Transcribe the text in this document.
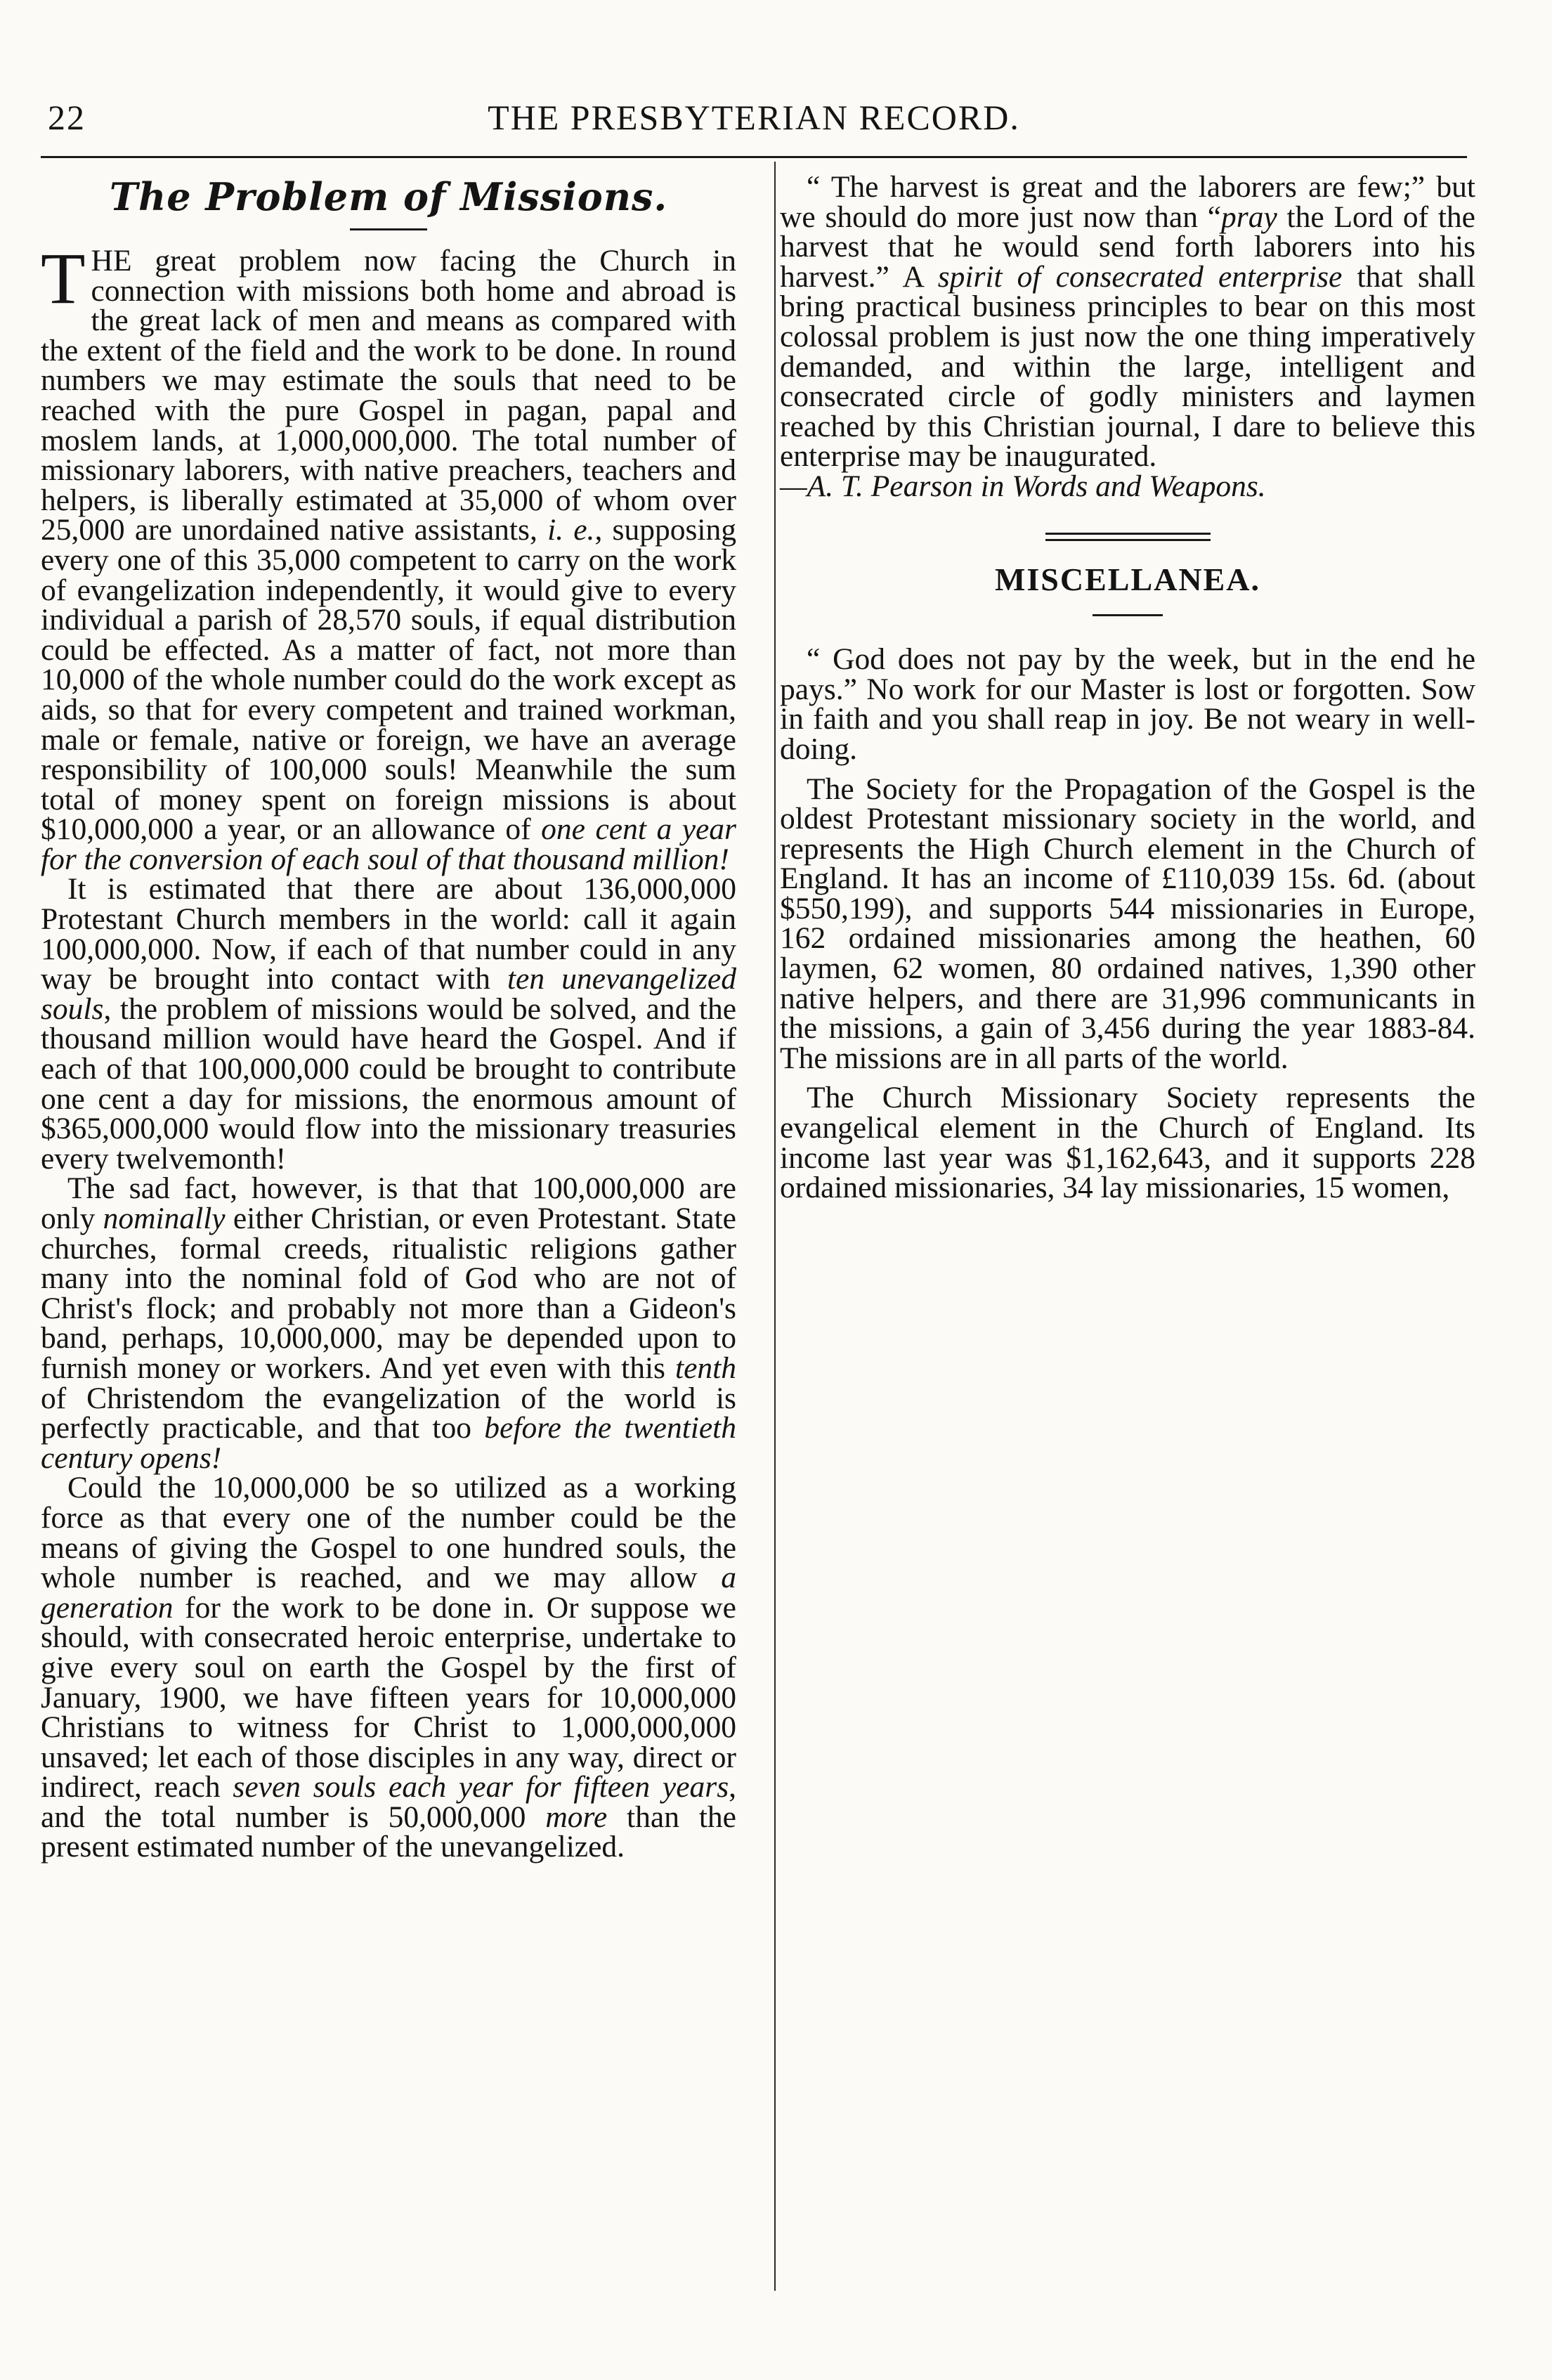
22	THE PRESBYTERIAN RECORD.
The Problem of Missions.

THE great problem now facing the Church in connection with missions both home and abroad is the great lack of men and means as compared with the extent of the field and the work to be done. In round numbers we may estimate the souls that need to be reached with the pure Gospel in pagan, papal and moslem lands, at 1,000,000,000. The total number of missionary laborers, with native preachers, teachers and helpers, is liberally estimated at 35,000 of whom over 25,000 are unordained native assistants, i. e., supposing every one of this 35,000 competent to carry on the work of evangelization independently, it would give to every individual a parish of 28,570 souls, if equal distribution could be effected. As a matter of fact, not more than 10,000 of the whole number could do the work except as aids, so that for every competent and trained workman, male or female, native or foreign, we have an average responsibility of 100,000 souls! Meanwhile the sum total of money spent on foreign missions is about $10,000,000 a year, or an allowance of one cent a year for the conversion of each soul of that thousand million!

It is estimated that there are about 136,000,000 Protestant Church members in the world: call it again 100,000,000. Now, if each of that number could in any way be brought into contact with ten unevangelized souls, the problem of missions would be solved, and the thousand million would have heard the Gospel. And if each of that 100,000,000 could be brought to contribute one cent a day for missions, the enormous amount of $365,000,000 would flow into the missionary treasuries every twelvemonth!

The sad fact, however, is that that 100,000,000 are only nominally either Christian, or even Protestant. State churches, formal creeds, ritualistic religions gather many into the nominal fold of God who are not of Christ's flock; and probably not more than a Gideon's band, perhaps, 10,000,000, may be depended upon to furnish money or workers. And yet even with this tenth of Christendom the evangelization of the world is perfectly practicable, and that too before the twentieth century opens!

Could the 10,000,000 be so utilized as a working force as that every one of the number could be the means of giving the Gospel to one hundred souls, the whole number is reached, and we may allow a generation for the work to be done in. Or suppose we should, with consecrated heroic enterprise, undertake to give every soul on earth the Gospel by the first of January, 1900, we have fifteen years for 10,000,000 Christians to witness for Christ to 1,000,000,000 unsaved; let each of those disciples in any way, direct or indirect, reach seven souls each year for fifteen years, and the total number is 50,000,000 more than the present estimated number of the unevangelized.

“ The harvest is great and the laborers are few;” but we should do more just now than “pray the Lord of the harvest that he would send forth laborers into his harvest.” A spirit of consecrated enterprise that shall bring practical business principles to bear on this most colossal problem is just now the one thing imperatively demanded, and within the large, intelligent and consecrated circle of godly ministers and laymen reached by this Christian journal, I dare to believe this enterprise may be inaugurated.

—A. T. Pearson in Words and Weapons.

MISCELLANEA.

“ God does not pay by the week, but in the end he pays.” No work for our Master is lost or forgotten. Sow in faith and you shall reap in joy. Be not weary in well-doing.

The Society for the Propagation of the Gospel is the oldest Protestant missionary society in the world, and represents the High Church element in the Church of England. It has an income of £110,039 15s. 6d. (about $550,199), and supports 544 missionaries in Europe, 162 ordained missionaries among the heathen, 60 laymen, 62 women, 80 ordained natives, 1,390 other native helpers, and there are 31,996 communicants in the missions, a gain of 3,456 during the year 1883-84. The missions are in all parts of the world.

The Church Missionary Society represents the evangelical element in the Church of England. Its income last year was $1,162,643, and it supports 228 ordained missionaries, 34 lay missionaries, 15 women,
